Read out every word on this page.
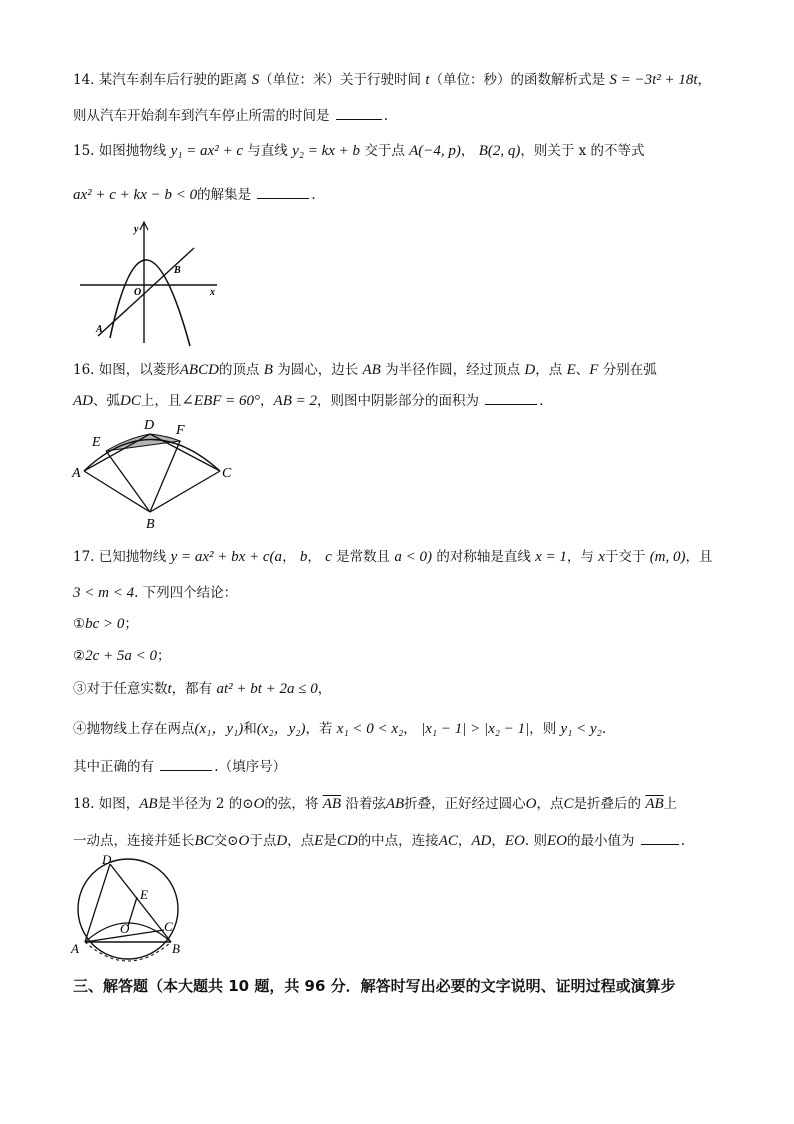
14. 某汽车刹车后行驶的距离 S（单位：米）关于行驶时间 t（单位：秒）的函数解析式是 S = −3t² + 18t，
则从汽车开始刹车到汽车停止所需的时间是	.
15. 如图抛物线 y₁ = ax² + c 与直线 y₂ = kx + b 交于点 A(−4, p)， B(2, q)，则关于 x 的不等式
ax² + c + kx − b < 0的解集是	.
y
x
O
A
B
16. 如图，以菱形ABCD的顶点 B 为圆心，边长 AB 为半径作圆，经过顶点 D，点 E、F 分别在弧
AD、弧DC上，且∠EBF = 60°，AB = 2，则图中阴影部分的面积为	.
A
B
C
D
E
F
17. 已知抛物线 y = ax² + bx + c(a， b， c 是常数且 a < 0) 的对称轴是直线 x = 1，与 x于交于 (m, 0)，且
3 < m < 4. 下列四个结论：
①bc > 0；
②2c + 5a < 0；
③对于任意实数t，都有 at² + bt + 2a ≤ 0，
④抛物线上存在两点(x₁，y₁)和(x₂，y₂)，若 x₁ < 0 < x₂， |x₁ − 1| > |x₂ − 1|，则 y₁ < y₂.
其中正确的有	.（填序号）
18. 如图，AB是半径为 2 的⊙O的弦，将 $\overline{AB}$ 沿着弦AB折叠，正好经过圆心O，点C是折叠后的 $\overline{AB}$上
一动点，连接并延长BC交⊙O于点D，点E是CD的中点，连接AC，AD，EO. 则EO的最小值为	.
D
E
O	C
A	B
三、解答题（本大题共 10 题，共 96 分．解答时写出必要的文字说明、证明过程或演算步
